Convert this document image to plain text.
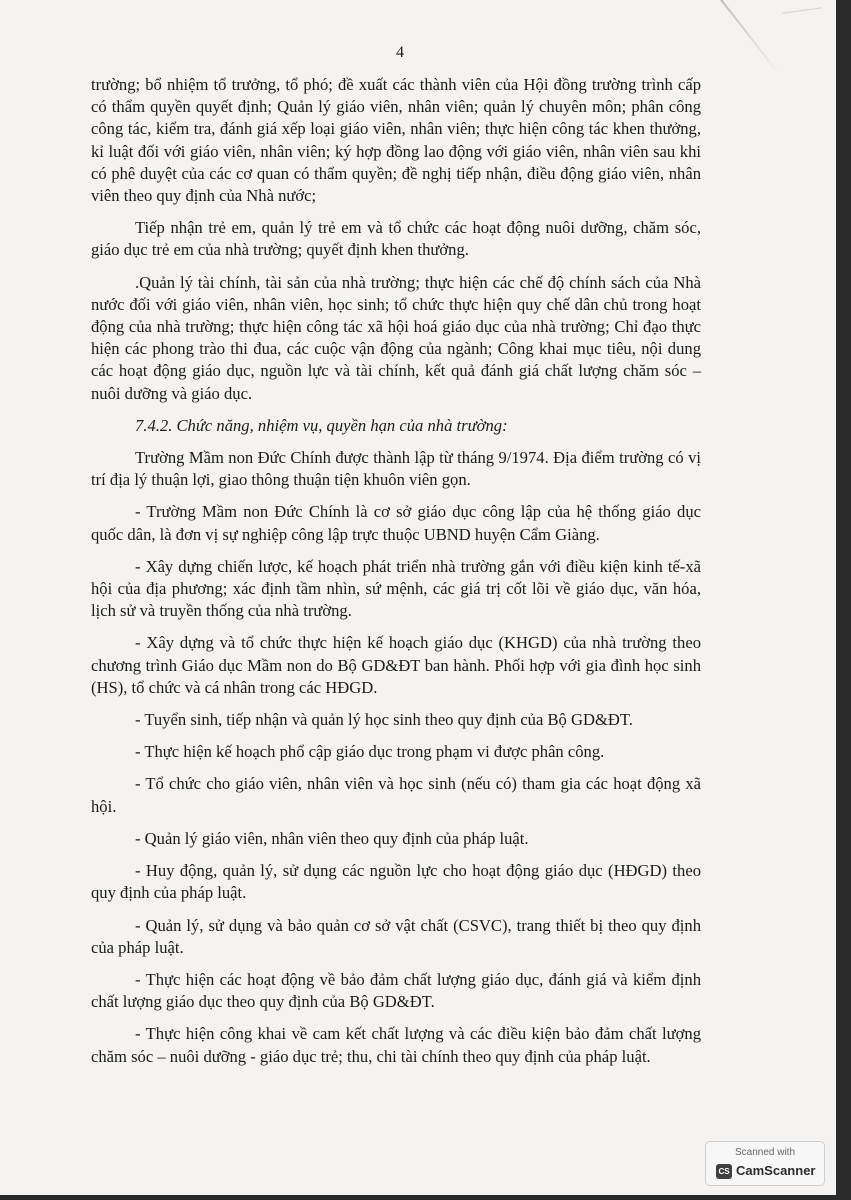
4

trường; bổ nhiệm tổ trưởng, tổ phó; đề xuất các thành viên của Hội đồng trường trình cấp có thẩm quyền quyết định; Quản lý giáo viên, nhân viên; quản lý chuyên môn; phân công công tác, kiểm tra, đánh giá xếp loại giáo viên, nhân viên; thực hiện công tác khen thưởng, kỉ luật đối với giáo viên, nhân viên; ký hợp đồng lao động với giáo viên, nhân viên sau khi có phê duyệt của các cơ quan có thẩm quyền; đề nghị tiếp nhận, điều động giáo viên, nhân viên theo quy định của Nhà nước;

Tiếp nhận trẻ em, quản lý trẻ em và tổ chức các hoạt động nuôi dưỡng, chăm sóc, giáo dục trẻ em của nhà trường; quyết định khen thưởng.

.Quản lý tài chính, tài sản của nhà trường; thực hiện các chế độ chính sách của Nhà nước đối với giáo viên, nhân viên, học sinh; tổ chức thực hiện quy chế dân chủ trong hoạt động của nhà trường; thực hiện công tác xã hội hoá giáo dục của nhà trường; Chỉ đạo thực hiện các phong trào thi đua, các cuộc vận động của ngành; Công khai mục tiêu, nội dung các hoạt động giáo dục, nguồn lực và tài chính, kết quả đánh giá chất lượng chăm sóc – nuôi dưỡng và giáo dục.

7.4.2. Chức năng, nhiệm vụ, quyền hạn của nhà trường:

Trường Mầm non Đức Chính được thành lập từ tháng 9/1974. Địa điểm trường có vị trí địa lý thuận lợi, giao thông thuận tiện khuôn viên gọn.

- Trường Mầm non Đức Chính là cơ sở giáo dục công lập của hệ thống giáo dục quốc dân, là đơn vị sự nghiệp công lập trực thuộc UBND huyện Cẩm Giàng.

- Xây dựng chiến lược, kế hoạch phát triển nhà trường gắn với điều kiện kinh tế-xã hội của địa phương; xác định tầm nhìn, sứ mệnh, các giá trị cốt lõi về giáo dục, văn hóa, lịch sử và truyền thống của nhà trường.

- Xây dựng và tổ chức thực hiện kế hoạch giáo dục (KHGD) của nhà trường theo chương trình Giáo dục Mầm non do Bộ GD&ĐT ban hành. Phối hợp với gia đình học sinh (HS), tổ chức và cá nhân trong các HĐGD.

- Tuyển sinh, tiếp nhận và quản lý học sinh theo quy định của Bộ GD&ĐT.

- Thực hiện kế hoạch phổ cập giáo dục trong phạm vi được phân công.

- Tổ chức cho giáo viên, nhân viên và học sinh (nếu có) tham gia các hoạt động xã hội.

- Quản lý giáo viên, nhân viên theo quy định của pháp luật.

- Huy động, quản lý, sử dụng các nguồn lực cho hoạt động giáo dục (HĐGD) theo quy định của pháp luật.

- Quản lý, sử dụng và bảo quản cơ sở vật chất (CSVC), trang thiết bị theo quy định của pháp luật.

- Thực hiện các hoạt động về bảo đảm chất lượng giáo dục, đánh giá và kiểm định chất lượng giáo dục theo quy định của Bộ GD&ĐT.

- Thực hiện công khai về cam kết chất lượng và các điều kiện bảo đảm chất lượng chăm sóc – nuôi dưỡng - giáo dục trẻ; thu, chi tài chính theo quy định của pháp luật.

Scanned with
CS CamScanner
